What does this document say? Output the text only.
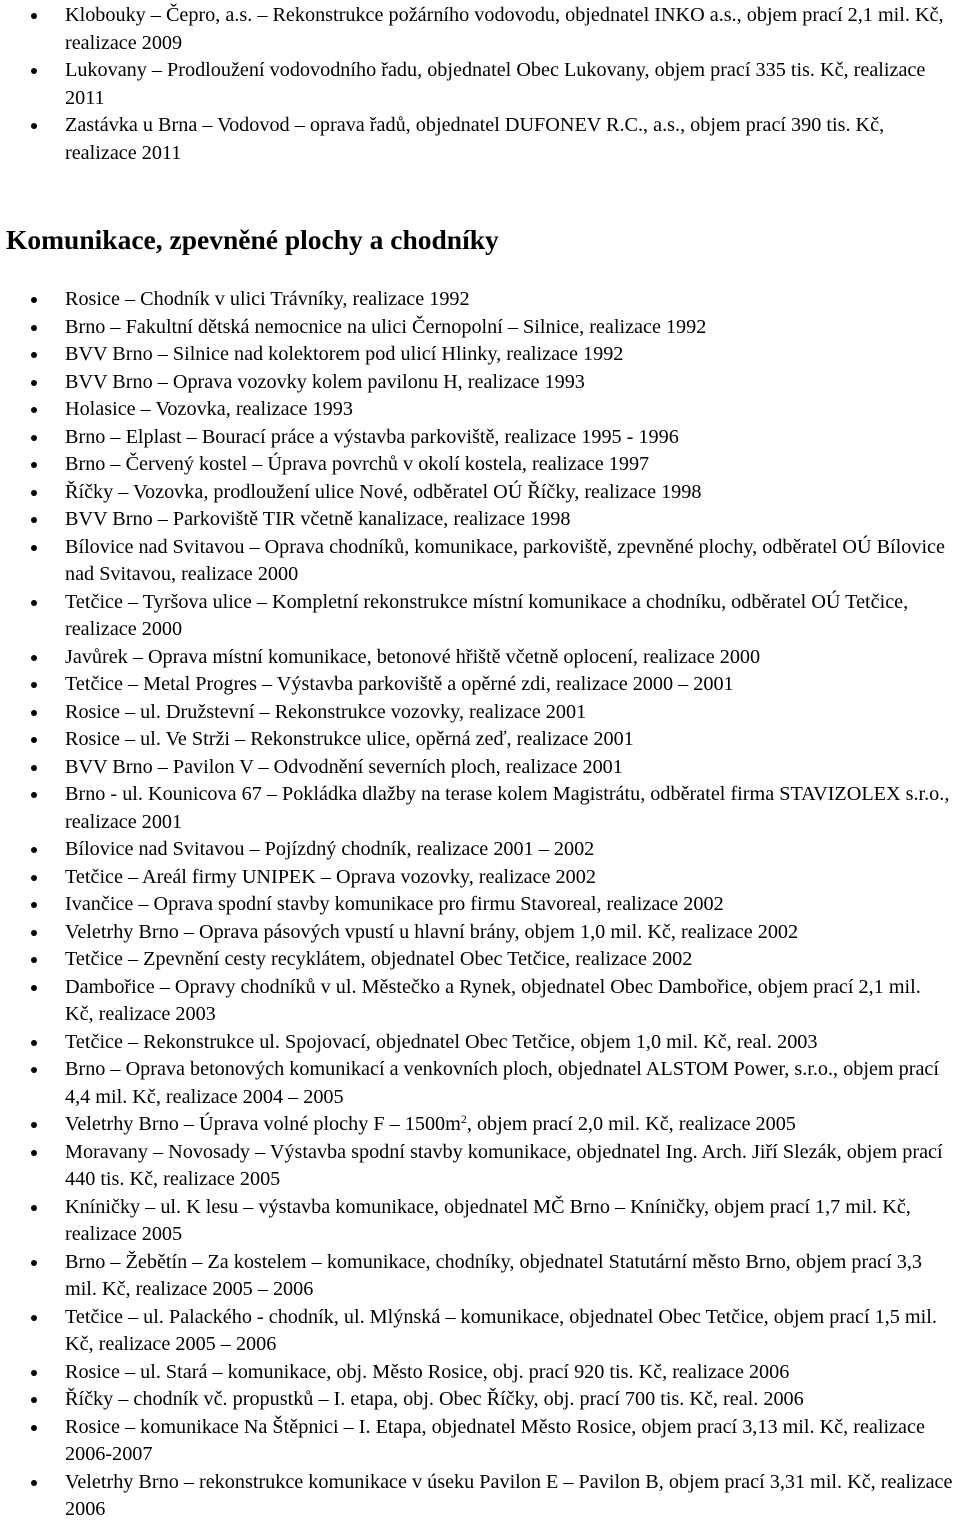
Klobouky – Čepro, a.s. – Rekonstrukce požárního vodovodu, objednatel INKO a.s., objem prací 2,1 mil. Kč, realizace 2009
Lukovany – Prodloužení vodovodního řadu, objednatel Obec Lukovany, objem prací 335 tis. Kč, realizace 2011
Zastávka u Brna – Vodovod – oprava řadů, objednatel DUFONEV R.C., a.s., objem prací 390 tis. Kč, realizace 2011
Komunikace, zpevněné plochy a chodníky
Rosice – Chodník v ulici Trávníky, realizace 1992
Brno – Fakultní dětská nemocnice na ulici Černopolní – Silnice, realizace 1992
BVV Brno – Silnice nad kolektorem pod ulicí Hlinky, realizace 1992
BVV Brno – Oprava vozovky kolem pavilonu H, realizace 1993
Holasice – Vozovka, realizace 1993
Brno – Elplast – Bourací práce a výstavba parkoviště, realizace 1995 - 1996
Brno – Červený kostel – Úprava povrchů v okolí kostela, realizace 1997
Říčky – Vozovka, prodloužení ulice Nové, odběratel OÚ Říčky, realizace 1998
BVV Brno – Parkoviště TIR včetně kanalizace, realizace 1998
Bílovice nad Svitavou – Oprava chodníků, komunikace, parkoviště, zpevněné plochy, odběratel OÚ Bílovice nad Svitavou, realizace 2000
Tetčice – Tyršova ulice – Kompletní rekonstrukce místní komunikace a chodníku, odběratel OÚ Tetčice, realizace 2000
Javůrek – Oprava místní komunikace, betonové hřiště včetně oplocení, realizace 2000
Tetčice – Metal Progres – Výstavba parkoviště a opěrné zdi, realizace 2000 – 2001
Rosice – ul. Družstevní – Rekonstrukce vozovky, realizace 2001
Rosice – ul. Ve Strži – Rekonstrukce ulice, opěrná zeď, realizace 2001
BVV Brno – Pavilon V – Odvodnění severních ploch, realizace 2001
Brno - ul. Kounicova 67 – Pokládka dlažby na terase kolem Magistrátu, odběratel firma STAVIZOLEX s.r.o., realizace 2001
Bílovice nad Svitavou – Pojízdný chodník, realizace 2001 – 2002
Tetčice – Areál firmy UNIPEK – Oprava vozovky, realizace 2002
Ivančice – Oprava spodní stavby komunikace pro firmu Stavoreal, realizace 2002
Veletrhy Brno – Oprava pásových vpustí u hlavní brány, objem 1,0 mil. Kč, realizace 2002
Tetčice – Zpevnění cesty recyklátem, objednatel Obec Tetčice, realizace 2002
Dambořice – Opravy chodníků v ul. Městečko a Rynek, objednatel Obec Dambořice, objem prací 2,1 mil. Kč, realizace 2003
Tetčice – Rekonstrukce ul. Spojovací, objednatel Obec Tetčice, objem 1,0 mil. Kč, real. 2003
Brno – Oprava betonových komunikací a venkovních ploch, objednatel ALSTOM Power, s.r.o., objem prací 4,4 mil. Kč, realizace 2004 – 2005
Veletrhy Brno – Úprava volné plochy F – $1500m^2$, objem prací 2,0 mil. Kč, realizace 2005
Moravany – Novosady – Výstavba spodní stavby komunikace, objednatel Ing. Arch. Jiří Slezák, objem prací 440 tis. Kč, realizace 2005
Kníničky – ul. K lesu – výstavba komunikace, objednatel MČ Brno – Kníničky, objem prací 1,7 mil. Kč, realizace 2005
Brno – Žebětín – Za kostelem – komunikace, chodníky, objednatel Statutární město Brno, objem prací 3,3 mil. Kč, realizace 2005 – 2006
Tetčice – ul. Palackého - chodník, ul. Mlýnská – komunikace, objednatel Obec Tetčice, objem prací 1,5 mil. Kč, realizace 2005 – 2006
Rosice – ul. Stará – komunikace, obj. Město Rosice, obj. prací 920 tis. Kč, realizace 2006
Říčky – chodník vč. propustků – I. etapa, obj. Obec Říčky, obj. prací 700 tis. Kč, real. 2006
Rosice – komunikace Na Štěpnici – I. Etapa, objednatel Město Rosice, objem prací 3,13 mil. Kč, realizace 2006-2007
Veletrhy Brno – rekonstrukce komunikace v úseku Pavilon E – Pavilon B, objem prací 3,31 mil. Kč, realizace 2006
